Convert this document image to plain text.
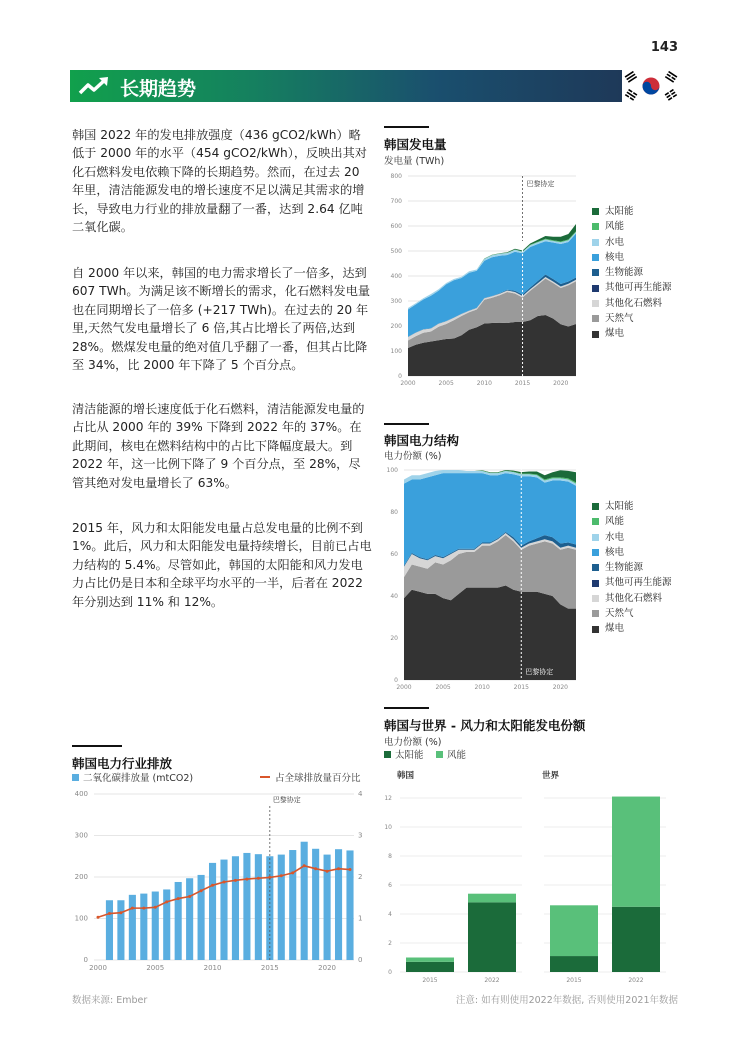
143
长期趋势
韩国 2022 年的发电排放强度（436 gCO2/kWh）略低于 2000 年的水平（454 gCO2/kWh），反映出其对化石燃料发电依赖下降的长期趋势。然而，在过去 20 年里，清洁能源发电的增长速度不足以满足其需求的增长，导致电力行业的排放量翻了一番，达到 2.64 亿吨二氧化碳。
自 2000 年以来，韩国的电力需求增长了一倍多，达到 607 TWh。为满足该不断增长的需求，化石燃料发电量也在同期增长了一倍多 (+217 TWh)。在过去的 20 年里,天然气发电量增长了 6 倍,其占比增长了两倍,达到 28%。燃煤发电量的绝对值几乎翻了一番，但其占比降至 34%，比 2000 年下降了 5 个百分点。
清洁能源的增长速度低于化石燃料，清洁能源发电量的占比从 2000 年的 39% 下降到 2022 年的 37%。在此期间，核电在燃料结构中的占比下降幅度最大。到 2022 年，这一比例下降了 9 个百分点，至 28%，尽管其绝对发电量增长了 63%。
2015 年，风力和太阳能发电量占总发电量的比例不到 1%。此后，风力和太阳能发电量持续增长，目前已占电力结构的 5.4%。尽管如此，韩国的太阳能和风力发电力占比仍是日本和全球平均水平的一半，后者在 2022 年分别达到 11% 和 12%。
韩国发电量
发电量 (TWh)
0
100
200
300
400
500
600
700
800
2000	2005	2010	2015	2020
巴黎协定
太阳能
风能
水电
核电
生物能源
其他可再生能源
其他化石燃料
天然气
煤电
韩国电力结构
电力份额 (%)
0
20
40
60
80
100
2000	2005	2010	2015	2020
巴黎协定
太阳能
风能
水电
核电
生物能源
其他可再生能源
其他化石燃料
天然气
煤电
韩国电力行业排放
二氧化碳排放量 (mtCO2)	占全球排放量百分比
0
100
200
300
400
0
1
2
3
4
2000	2005	2010	2015	2020
巴黎协定
韩国与世界 - 风力和太阳能发电份额
电力份额 (%)
太阳能 风能
韩国
0
2
4
6
8
10
12
2015	2022
世界
2015	2022
数据来源: Ember	注意: 如有则使用2022年数据, 否则使用2021年数据
